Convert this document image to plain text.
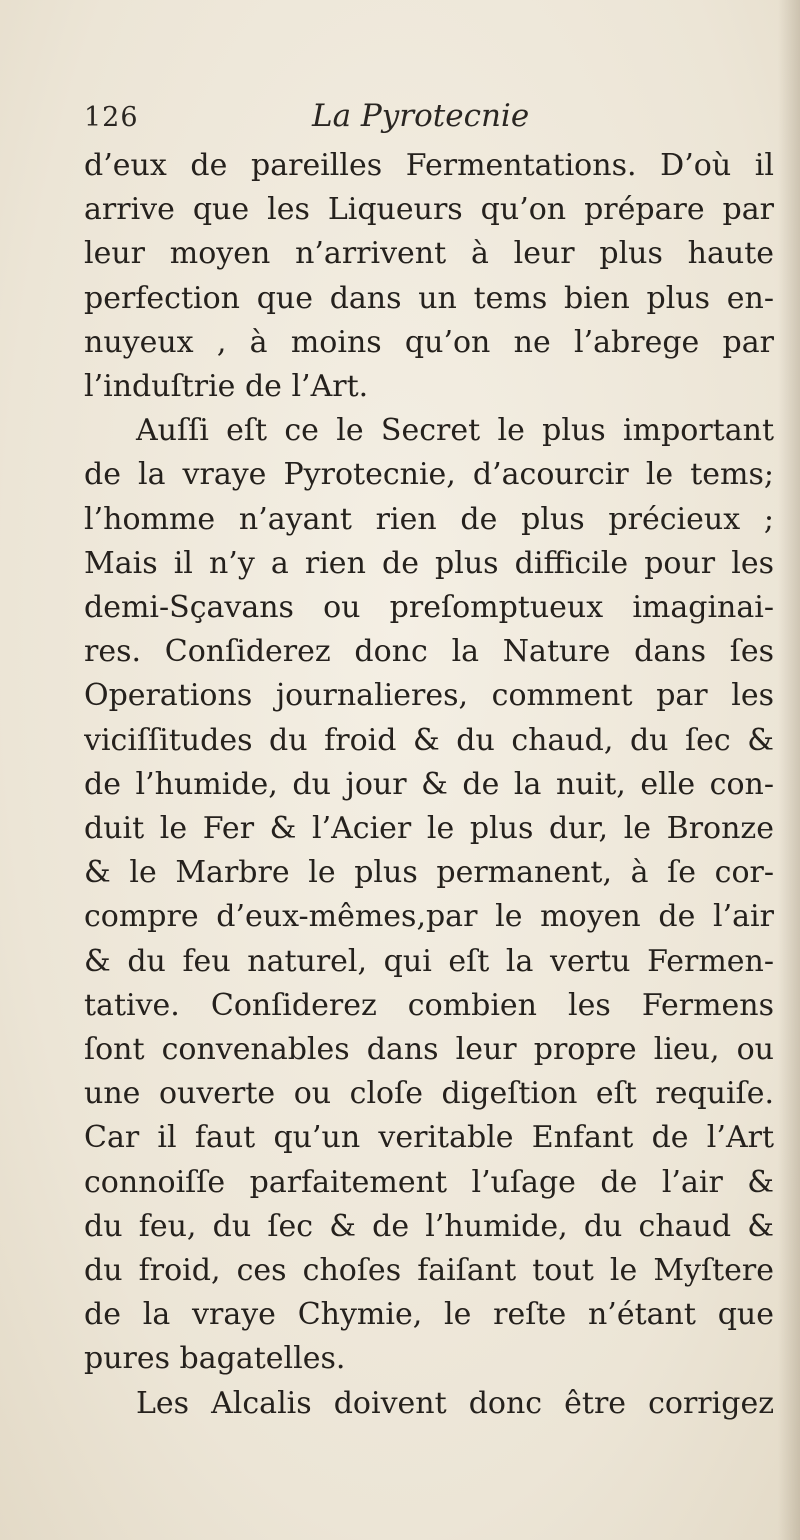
126	La Pyrotecnie
d’eux de pareilles Fermentations. D’où il
arrive que les Liqueurs qu’on prépare par
leur moyen n’arrivent à leur plus haute
perfection que dans un tems bien plus en-
nuyeux , à moins qu’on ne l’abrege par
l’induſtrie de l’Art.
Auſſi eſt ce le Secret le plus important
de la vraye Pyrotecnie, d’acourcir le tems;
l’homme n’ayant rien de plus précieux ;
Mais il n’y a rien de plus difficile pour les
demi-Sçavans ou preſomptueux imaginai-
res. Conſiderez donc la Nature dans ſes
Operations journalieres, comment par les
viciſſitudes du froid & du chaud, du ſec &
de l’humide, du jour & de la nuit, elle con-
duit le Fer & l’Acier le plus dur, le Bronze
& le Marbre le plus permanent, à ſe cor-
compre d’eux-mêmes,par le moyen de l’air
& du feu naturel, qui eſt la vertu Fermen-
tative. Conſiderez combien les Fermens
ſont convenables dans leur propre lieu, ou
une ouverte ou cloſe digeſtion eſt requiſe.
Car il faut qu’un veritable Enfant de l’Art
connoiſſe parfaitement l’uſage de l’air &
du feu, du ſec & de l’humide, du chaud &
du froid, ces choſes faiſant tout le Myſtere
de la vraye Chymie, le reſte n’étant que
pures bagatelles.
Les Alcalis doivent donc être corrigez
